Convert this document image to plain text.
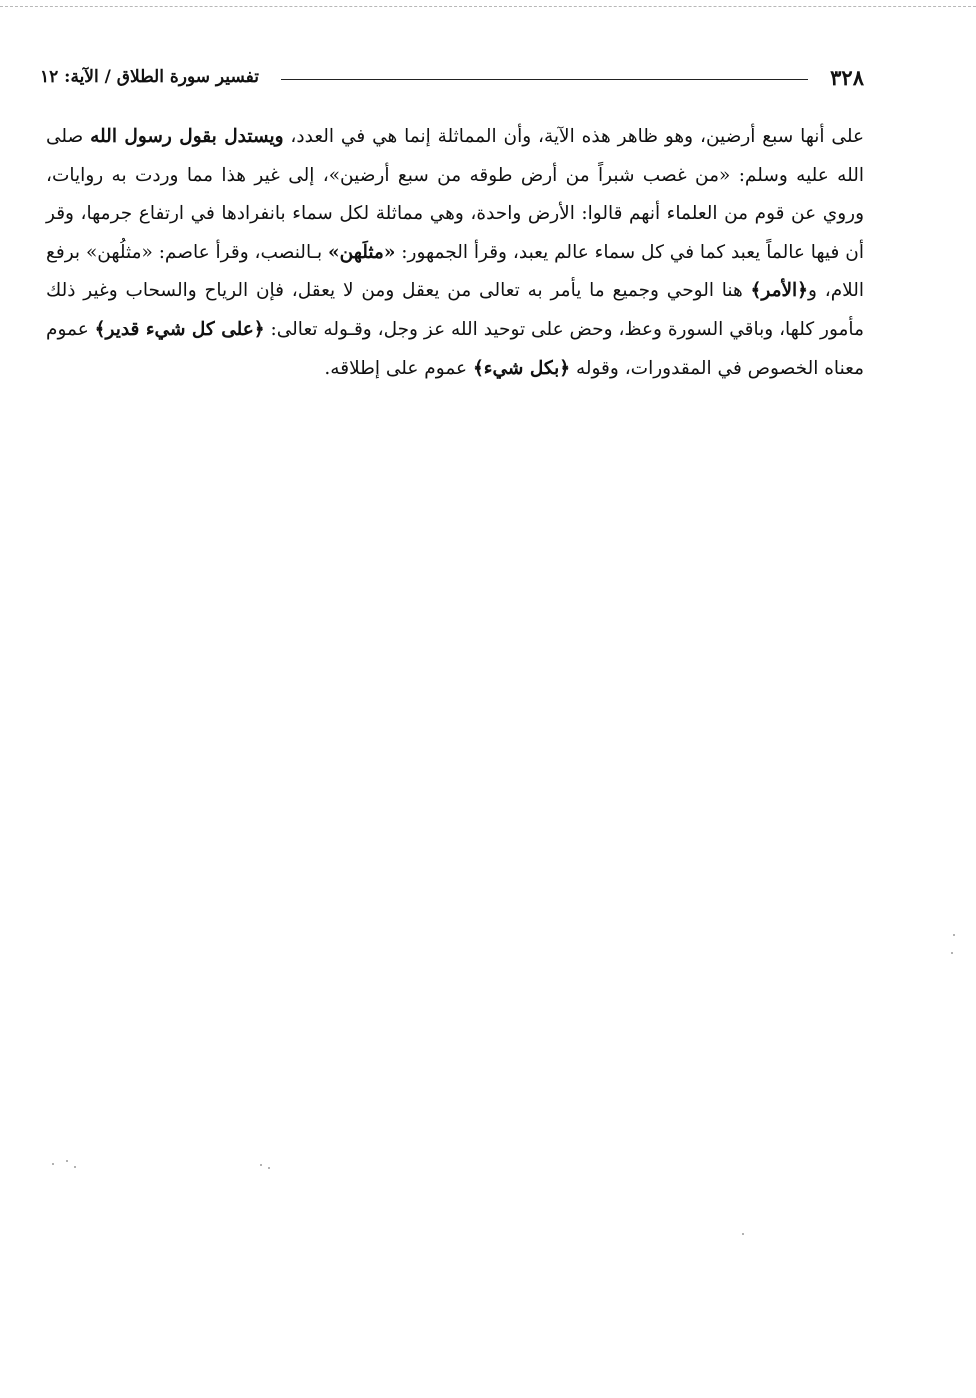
٣٢٨
تفسير سورة الطلاق / الآية: ١٢
على أنها سبع أرضين، وهو ظاهر هذه الآية، وأن المماثلة إنما هي في العدد، ويستدل بقول رسول الله صلى الله عليه وسلم: «من غصب شبراً من أرض طوقه من سبع أرضين»، إلى غير هذا مما وردت به روايات، وروي عن قوم من العلماء أنهم قالوا: الأرض واحدة، وهي مماثلة لكل سماء بانفرادها في ارتفاع جرمها، وقر أن فيها عالماً يعبد كما في كل سماء عالم يعبد، وقرأ الجمهور: «مثلَهن» بـالنصب، وقرأ عاصم: «مثلُهن» برفع اللام، و﴿الأمر﴾ هنا الوحي وجميع ما يأمر به تعالى من يعقل ومن لا يعقل، فإن الرياح والسحاب وغير ذلك مأمور كلها، وباقي السورة وعظ، وحض على توحيد الله عز وجل، وقـوله تعالى: ﴿على كل شيء قدير﴾ عموم معناه الخصوص في المقدورات، وقوله ﴿بكل شيء﴾ عموم على إطلاقه.
